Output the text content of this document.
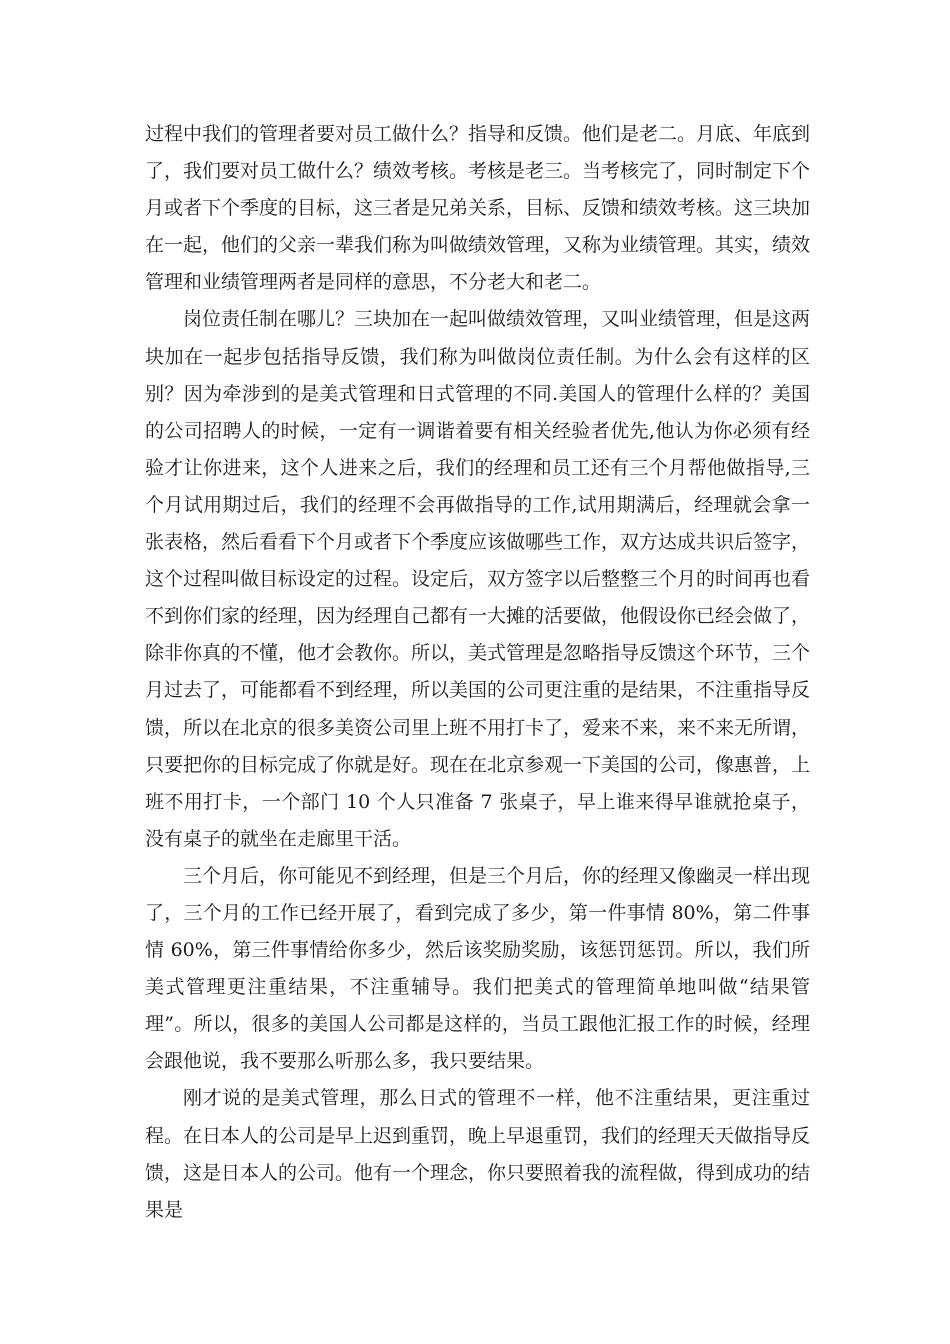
过程中我们的管理者要对员工做什么？指导和反馈。他们是老二。月底、年底到了，我们要对员工做什么？绩效考核。考核是老三。当考核完了，同时制定下个月或者下个季度的目标，这三者是兄弟关系，目标、反馈和绩效考核。这三块加在一起，他们的父亲一辈我们称为叫做绩效管理，又称为业绩管理。其实，绩效管理和业绩管理两者是同样的意思，不分老大和老二。

岗位责任制在哪儿？三块加在一起叫做绩效管理，又叫业绩管理，但是这两块加在一起步包括指导反馈，我们称为叫做岗位责任制。为什么会有这样的区别？因为牵涉到的是美式管理和日式管理的不同.美国人的管理什么样的？美国的公司招聘人的时候，一定有一调谐着要有相关经验者优先,他认为你必须有经验才让你进来，这个人进来之后，我们的经理和员工还有三个月帮他做指导,三个月试用期过后，我们的经理不会再做指导的工作,试用期满后，经理就会拿一张表格，然后看看下个月或者下个季度应该做哪些工作，双方达成共识后签字，这个过程叫做目标设定的过程。设定后，双方签字以后整整三个月的时间再也看不到你们家的经理，因为经理自己都有一大摊的活要做，他假设你已经会做了，除非你真的不懂，他才会教你。所以，美式管理是忽略指导反馈这个环节，三个月过去了，可能都看不到经理，所以美国的公司更注重的是结果，不注重指导反馈，所以在北京的很多美资公司里上班不用打卡了，爱来不来，来不来无所谓，只要把你的目标完成了你就是好。现在在北京参观一下美国的公司，像惠普，上班不用打卡，一个部门 10 个人只准备 7 张桌子，早上谁来得早谁就抢桌子，没有桌子的就坐在走廊里干活。

三个月后，你可能见不到经理，但是三个月后，你的经理又像幽灵一样出现了，三个月的工作已经开展了，看到完成了多少，第一件事情 80%，第二件事情 60%，第三件事情给你多少，然后该奖励奖励，该惩罚惩罚。所以，我们所美式管理更注重结果，不注重辅导。我们把美式的管理简单地叫做“结果管理”。所以，很多的美国人公司都是这样的，当员工跟他汇报工作的时候，经理会跟他说，我不要那么听那么多，我只要结果。

刚才说的是美式管理，那么日式的管理不一样，他不注重结果，更注重过程。在日本人的公司是早上迟到重罚，晚上早退重罚，我们的经理天天做指导反馈，这是日本人的公司。他有一个理念，你只要照着我的流程做，得到成功的结果是
